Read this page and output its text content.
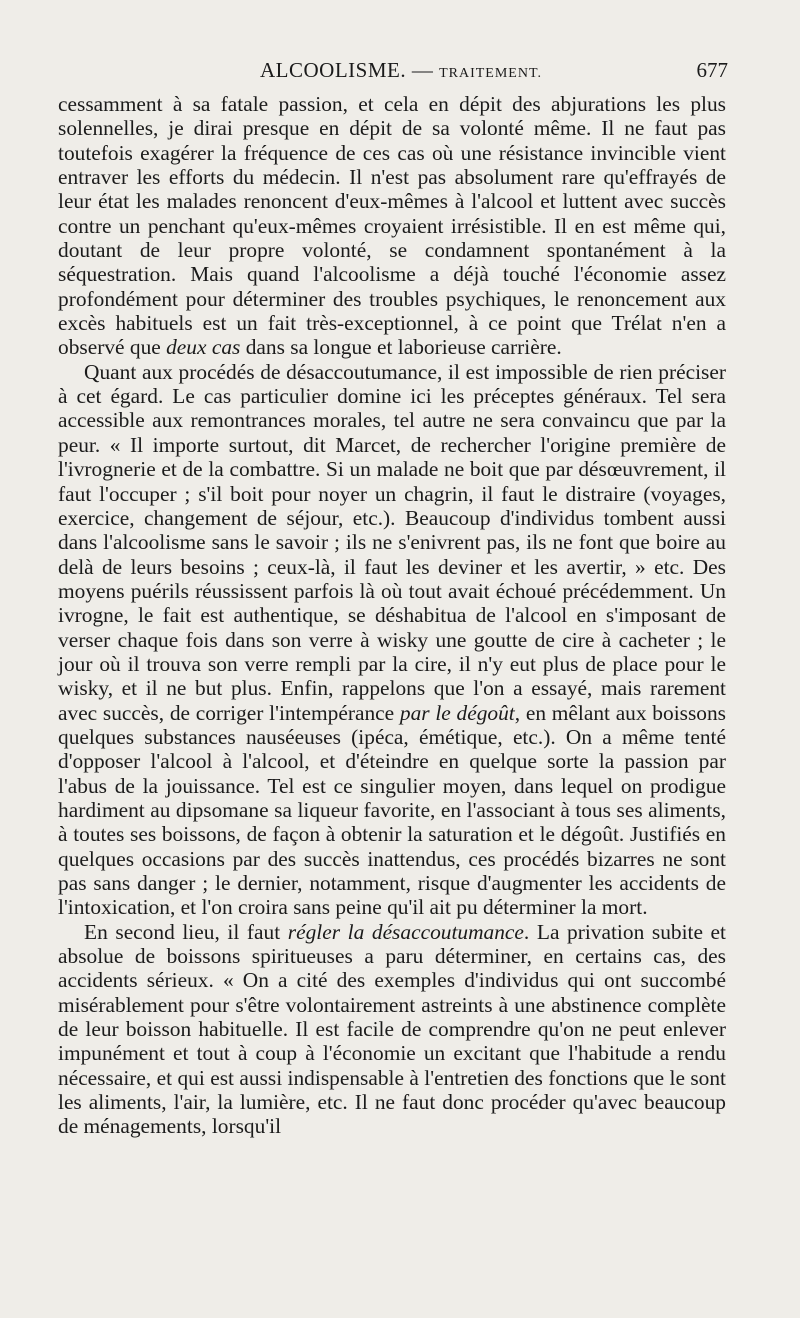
ALCOOLISME. — TRAITEMENT.	677

cessamment à sa fatale passion, et cela en dépit des abjurations les plus solennelles, je dirai presque en dépit de sa volonté même. Il ne faut pas toutefois exagérer la fréquence de ces cas où une résistance invincible vient entraver les efforts du médecin. Il n'est pas absolument rare qu'effrayés de leur état les malades renoncent d'eux-mêmes à l'alcool et luttent avec succès contre un penchant qu'eux-mêmes croyaient irrésistible. Il en est même qui, doutant de leur propre volonté, se condamnent spontanément à la séquestration. Mais quand l'alcoolisme a déjà touché l'économie assez profondément pour déterminer des troubles psychiques, le renoncement aux excès habituels est un fait très-exceptionnel, à ce point que Trélat n'en a observé que deux cas dans sa longue et laborieuse carrière.

Quant aux procédés de désaccoutumance, il est impossible de rien préciser à cet égard. Le cas particulier domine ici les préceptes généraux. Tel sera accessible aux remontrances morales, tel autre ne sera convaincu que par la peur. « Il importe surtout, dit Marcet, de rechercher l'origine première de l'ivrognerie et de la combattre. Si un malade ne boit que par désœuvrement, il faut l'occuper ; s'il boit pour noyer un chagrin, il faut le distraire (voyages, exercice, changement de séjour, etc.). Beaucoup d'individus tombent aussi dans l'alcoolisme sans le savoir ; ils ne s'enivrent pas, ils ne font que boire au delà de leurs besoins ; ceux-là, il faut les deviner et les avertir, » etc. Des moyens puérils réussissent parfois là où tout avait échoué précédemment. Un ivrogne, le fait est authentique, se déshabitua de l'alcool en s'imposant de verser chaque fois dans son verre à wisky une goutte de cire à cacheter ; le jour où il trouva son verre rempli par la cire, il n'y eut plus de place pour le wisky, et il ne but plus. Enfin, rappelons que l'on a essayé, mais rarement avec succès, de corriger l'intempérance par le dégoût, en mêlant aux boissons quelques substances nauséeuses (ipéca, émétique, etc.). On a même tenté d'opposer l'alcool à l'alcool, et d'éteindre en quelque sorte la passion par l'abus de la jouissance. Tel est ce singulier moyen, dans lequel on prodigue hardiment au dipsomane sa liqueur favorite, en l'associant à tous ses aliments, à toutes ses boissons, de façon à obtenir la saturation et le dégoût. Justifiés en quelques occasions par des succès inattendus, ces procédés bizarres ne sont pas sans danger ; le dernier, notamment, risque d'augmenter les accidents de l'intoxication, et l'on croira sans peine qu'il ait pu déterminer la mort.

En second lieu, il faut régler la désaccoutumance. La privation subite et absolue de boissons spiritueuses a paru déterminer, en certains cas, des accidents sérieux. « On a cité des exemples d'individus qui ont succombé misérablement pour s'être volontairement astreints à une abstinence complète de leur boisson habituelle. Il est facile de comprendre qu'on ne peut enlever impunément et tout à coup à l'économie un excitant que l'habitude a rendu nécessaire, et qui est aussi indispensable à l'entretien des fonctions que le sont les aliments, l'air, la lumière, etc. Il ne faut donc procéder qu'avec beaucoup de ménagements, lorsqu'il
